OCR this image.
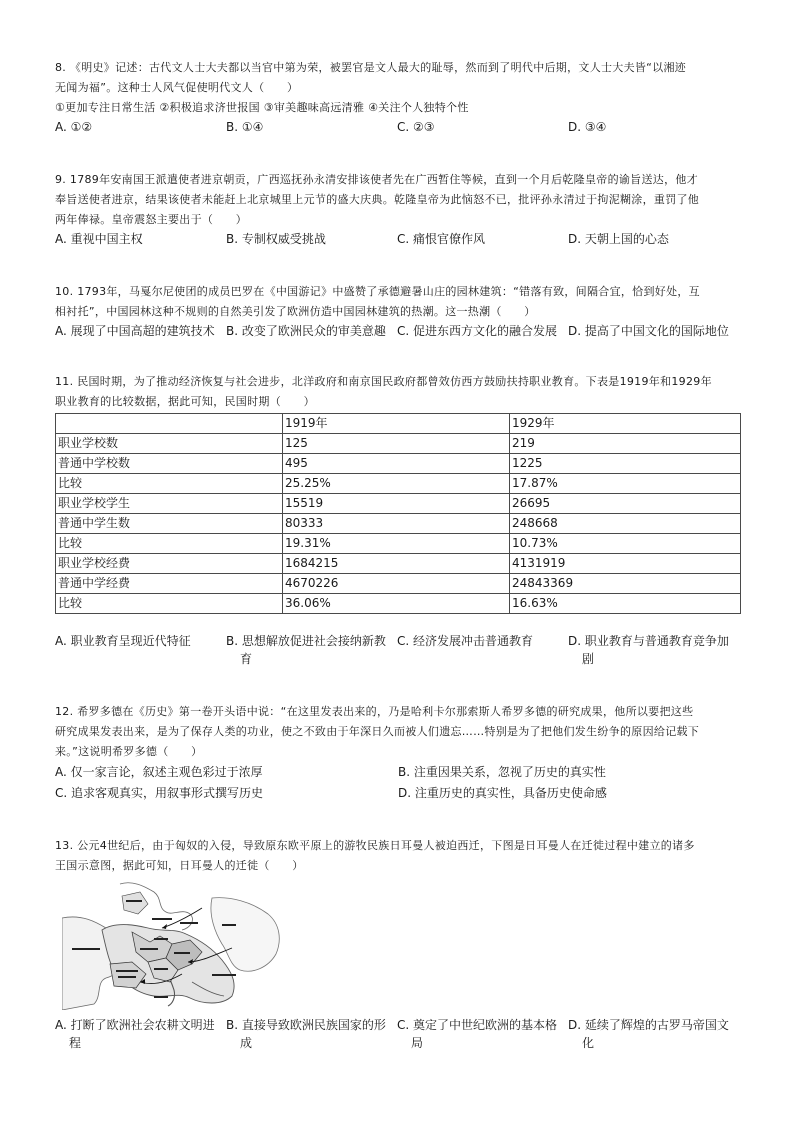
8. 《明史》记述：古代文人士大夫都以当官中第为荣，被罢官是文人最大的耻辱，然而到了明代中后期，文人士大夫皆“以湘迹
无闻为福”。这种士人风气促使明代文人（　　）
①更加专注日常生活 ②积极追求济世报国 ③审美趣味高远清雅 ④关注个人独特个性
A. ①②	B. ①④	C. ②③	D. ③④
9. 1789年安南国王派遣使者进京朝贡，广西巡抚孙永清安排该使者先在广西暂住等候，直到一个月后乾隆皇帝的谕旨送达，他才
奉旨送使者进京，结果该使者未能赶上北京城里上元节的盛大庆典。乾隆皇帝为此恼怒不已，批评孙永清过于拘泥糊涂，重罚了他
两年俸禄。皇帝震怒主要出于（　　）
A. 重视中国主权	B. 专制权威受挑战	C. 痛恨官僚作风	D. 天朝上国的心态
10. 1793年，马戛尔尼使团的成员巴罗在《中国游记》中盛赞了承德避暑山庄的园林建筑：“错落有致，间隔合宜，恰到好处，互
相衬托”，中国园林这种不规则的自然美引发了欧洲仿造中国园林建筑的热潮。这一热潮（　　）
A. 展现了中国高超的建筑技术 B. 改变了欧洲民众的审美意趣 C. 促进东西方文化的融合发展 D. 提高了中国文化的国际地位
11. 民国时期，为了推动经济恢复与社会进步，北洋政府和南京国民政府都曾效仿西方鼓励扶持职业教育。下表是1919年和1929年
职业教育的比较数据，据此可知，民国时期（　　）
	1919年	1929年
职业学校数	125	219
普通中学校数	495	1225
比较	25.25%	17.87%
职业学校学生	15519	26695
普通中学生数	80333	248668
比较	19.31%	10.73%
职业学校经费	1684215	4131919
普通中学经费	4670226	24843369
比较	36.06%	16.63%
A. 职业教育呈现近代特征	B. 思想解放促进社会接纳新教
育
C. 经济发展冲击普通教育	D. 职业教育与普通教育竞争加
剧
12. 希罗多德在《历史》第一卷开头语中说：“在这里发表出来的，乃是哈利卡尔那索斯人希罗多德的研究成果，他所以要把这些
研究成果发表出来，是为了保存人类的功业，使之不致由于年深日久而被人们遗忘……特别是为了把他们发生纷争的原因给记载下
来。”这说明希罗多德（　　）
A. 仅一家言论，叙述主观色彩过于浓厚	B. 注重因果关系，忽视了历史的真实性
C. 追求客观真实，用叙事形式撰写历史	D. 注重历史的真实性，具备历史使命感
13. 公元4世纪后，由于匈奴的入侵，导致原东欧平原上的游牧民族日耳曼人被迫西迁，下图是日耳曼人在迁徙过程中建立的诸多
王国示意图，据此可知，日耳曼人的迁徙（　　）
A. 打断了欧洲社会农耕文明进
程
B. 直接导致欧洲民族国家的形
成
C. 奠定了中世纪欧洲的基本格
局
D. 延续了辉煌的古罗马帝国文
化
